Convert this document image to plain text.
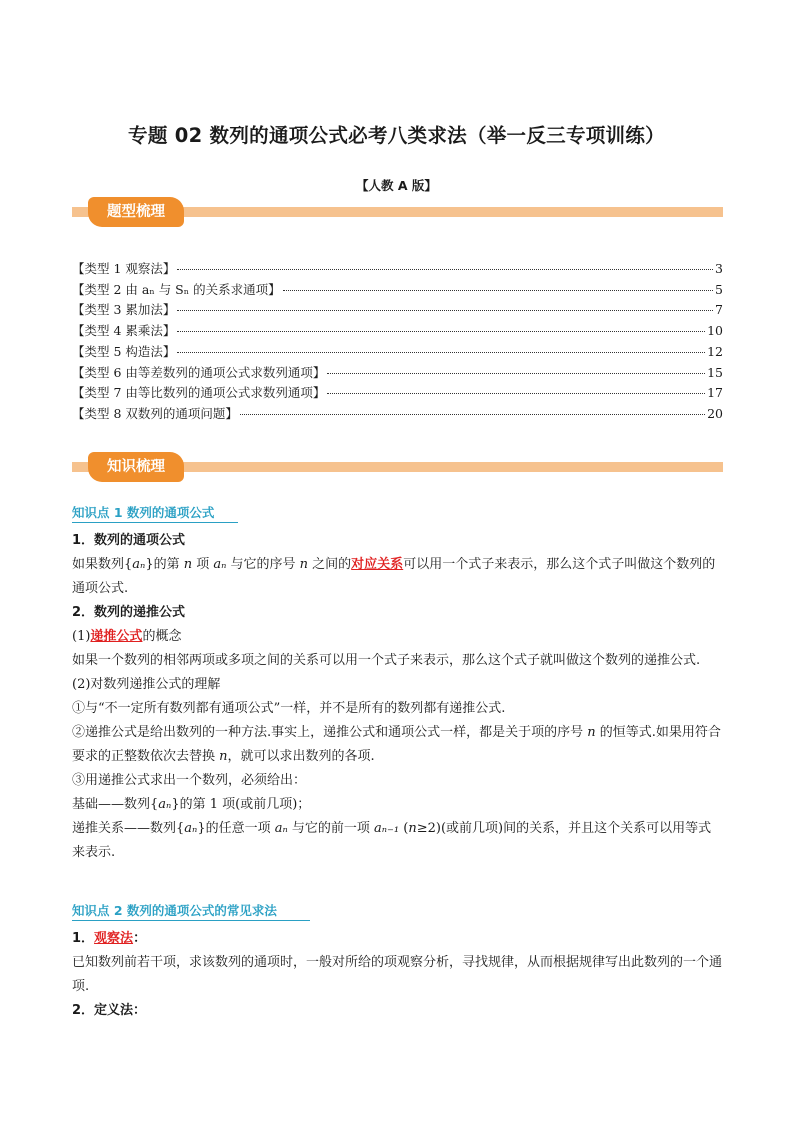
专题 02 数列的通项公式必考八类求法（举一反三专项训练）
【人教 A 版】
题型梳理
【类型 1 观察法】	3
【类型 2 由 aₙ 与 Sₙ 的关系求通项】	5
【类型 3 累加法】	7
【类型 4 累乘法】	10
【类型 5 构造法】	12
【类型 6 由等差数列的通项公式求数列通项】	15
【类型 7 由等比数列的通项公式求数列通项】	17
【类型 8 双数列的通项问题】	20
知识梳理
知识点 1 数列的通项公式
1．数列的通项公式
如果数列{aₙ}的第 n 项 aₙ 与它的序号 n 之间的对应关系可以用一个式子来表示，那么这个式子叫做这个数列的通项公式.
2．数列的递推公式
(1)递推公式的概念
如果一个数列的相邻两项或多项之间的关系可以用一个式子来表示，那么这个式子就叫做这个数列的递推公式.
(2)对数列递推公式的理解
①与“不一定所有数列都有通项公式”一样，并不是所有的数列都有递推公式.
②递推公式是给出数列的一种方法.事实上，递推公式和通项公式一样，都是关于项的序号 n 的恒等式.如果用符合要求的正整数依次去替换 n，就可以求出数列的各项.
③用递推公式求出一个数列，必须给出：
基础——数列{aₙ}的第 1 项(或前几项)；
递推关系——数列{aₙ}的任意一项 aₙ 与它的前一项 aₙ₋₁ (n≥2)(或前几项)间的关系，并且这个关系可以用等式来表示.
知识点 2 数列的通项公式的常见求法
1．观察法：
已知数列前若干项，求该数列的通项时，一般对所给的项观察分析，寻找规律，从而根据规律写出此数列的一个通项.
2．定义法：
